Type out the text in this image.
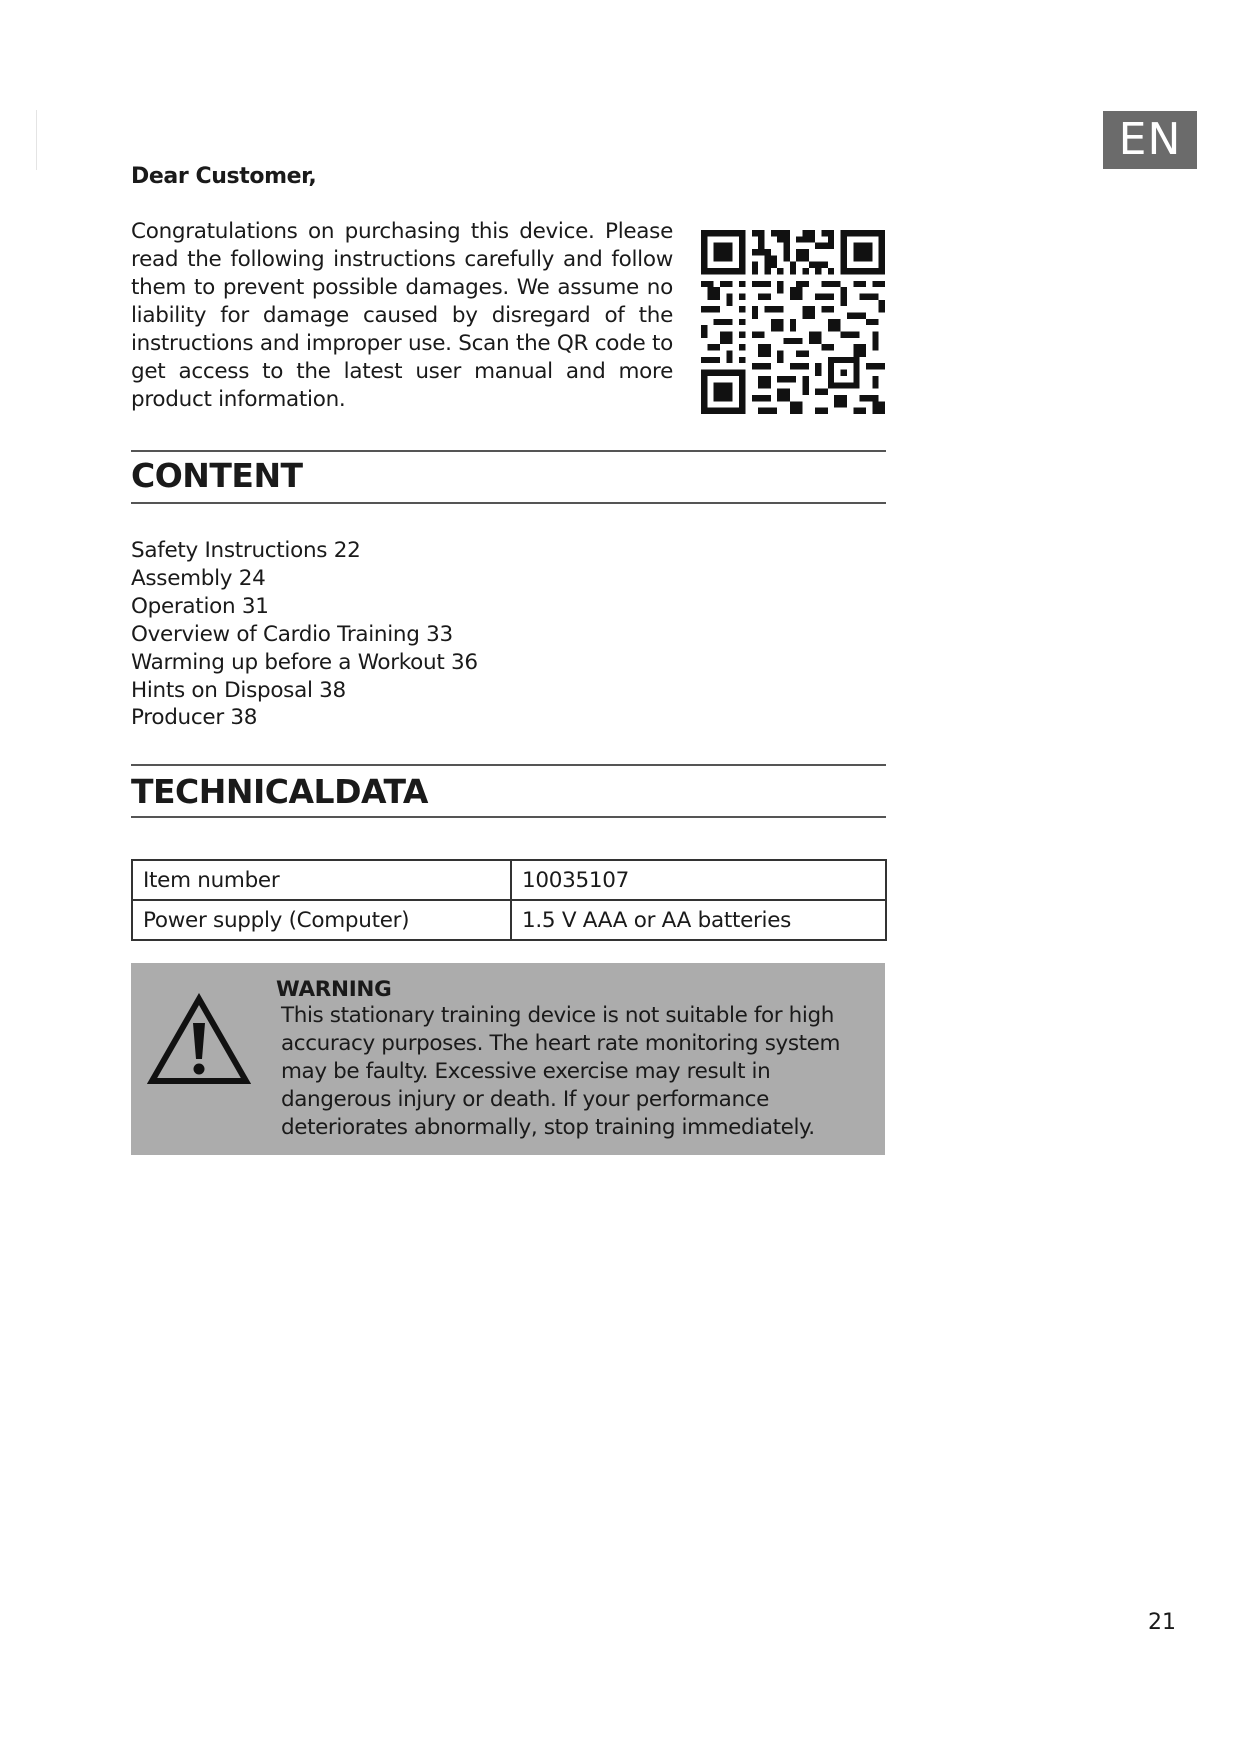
EN
Dear Customer,
Congratulations on purchasing this device. Please read the following instructions carefully and follow them to prevent possible damages. We assume no liability for damage caused by disregard of the instructions and improper use. Scan the QR code to get access to the latest user manual and more product information.
CONTENT
Safety Instructions 22
Assembly 24
Operation 31
Overview of Cardio Training 33
Warming up before a Workout 36
Hints on Disposal 38
Producer 38
TECHNICALDATA
Item number	10035107
Power supply (Computer)	1.5 V AAA or AA batteries
WARNING
This stationary training device is not suitable for high accuracy purposes. The heart rate monitoring system may be faulty. Excessive exercise may result in dangerous injury or death. If your performance deteriorates abnormally, stop training immediately.
21
